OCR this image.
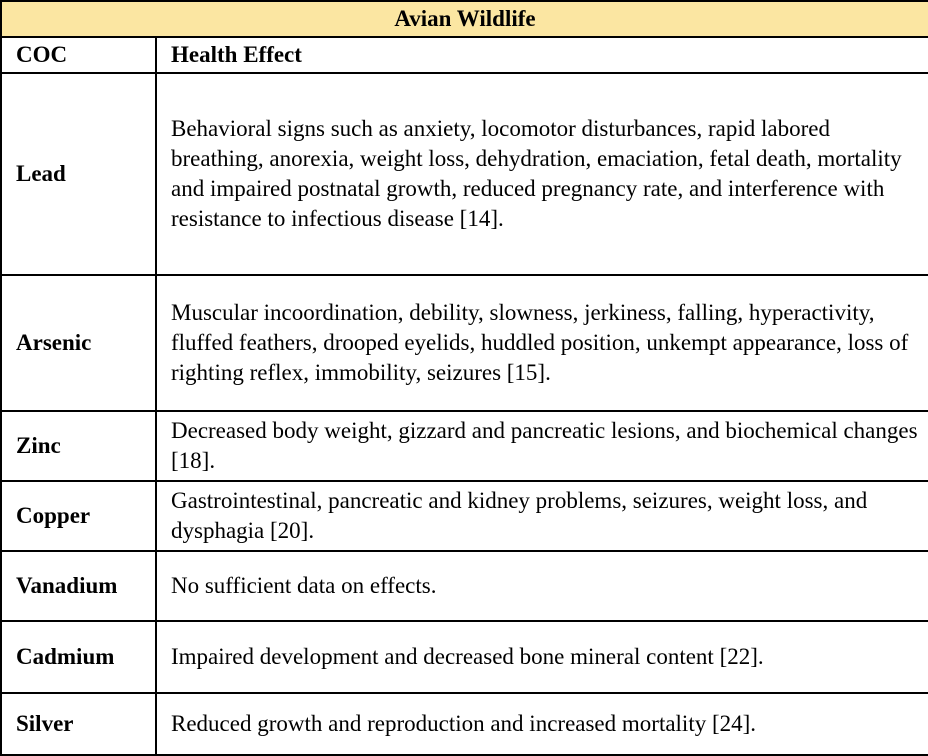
Avian Wildlife	
COC	Health Effect
Lead	Behavioral signs such as anxiety, locomotor disturbances, rapid labored breathing, anorexia, weight loss, dehydration, emaciation, fetal death, mortality and impaired postnatal growth, reduced pregnancy rate, and interference with resistance to infectious disease [14].
Arsenic	Muscular incoordination, debility, slowness, jerkiness, falling, hyperactivity, fluffed feathers, drooped eyelids, huddled position, unkempt appearance, loss of righting reflex, immobility, seizures [15].
Zinc	Decreased body weight, gizzard and pancreatic lesions, and biochemical changes [18].
Copper	Gastrointestinal, pancreatic and kidney problems, seizures, weight loss, and dysphagia [20].
Vanadium	No sufficient data on effects.
Cadmium	Impaired development and decreased bone mineral content [22].
Silver	Reduced growth and reproduction and increased mortality [24].
